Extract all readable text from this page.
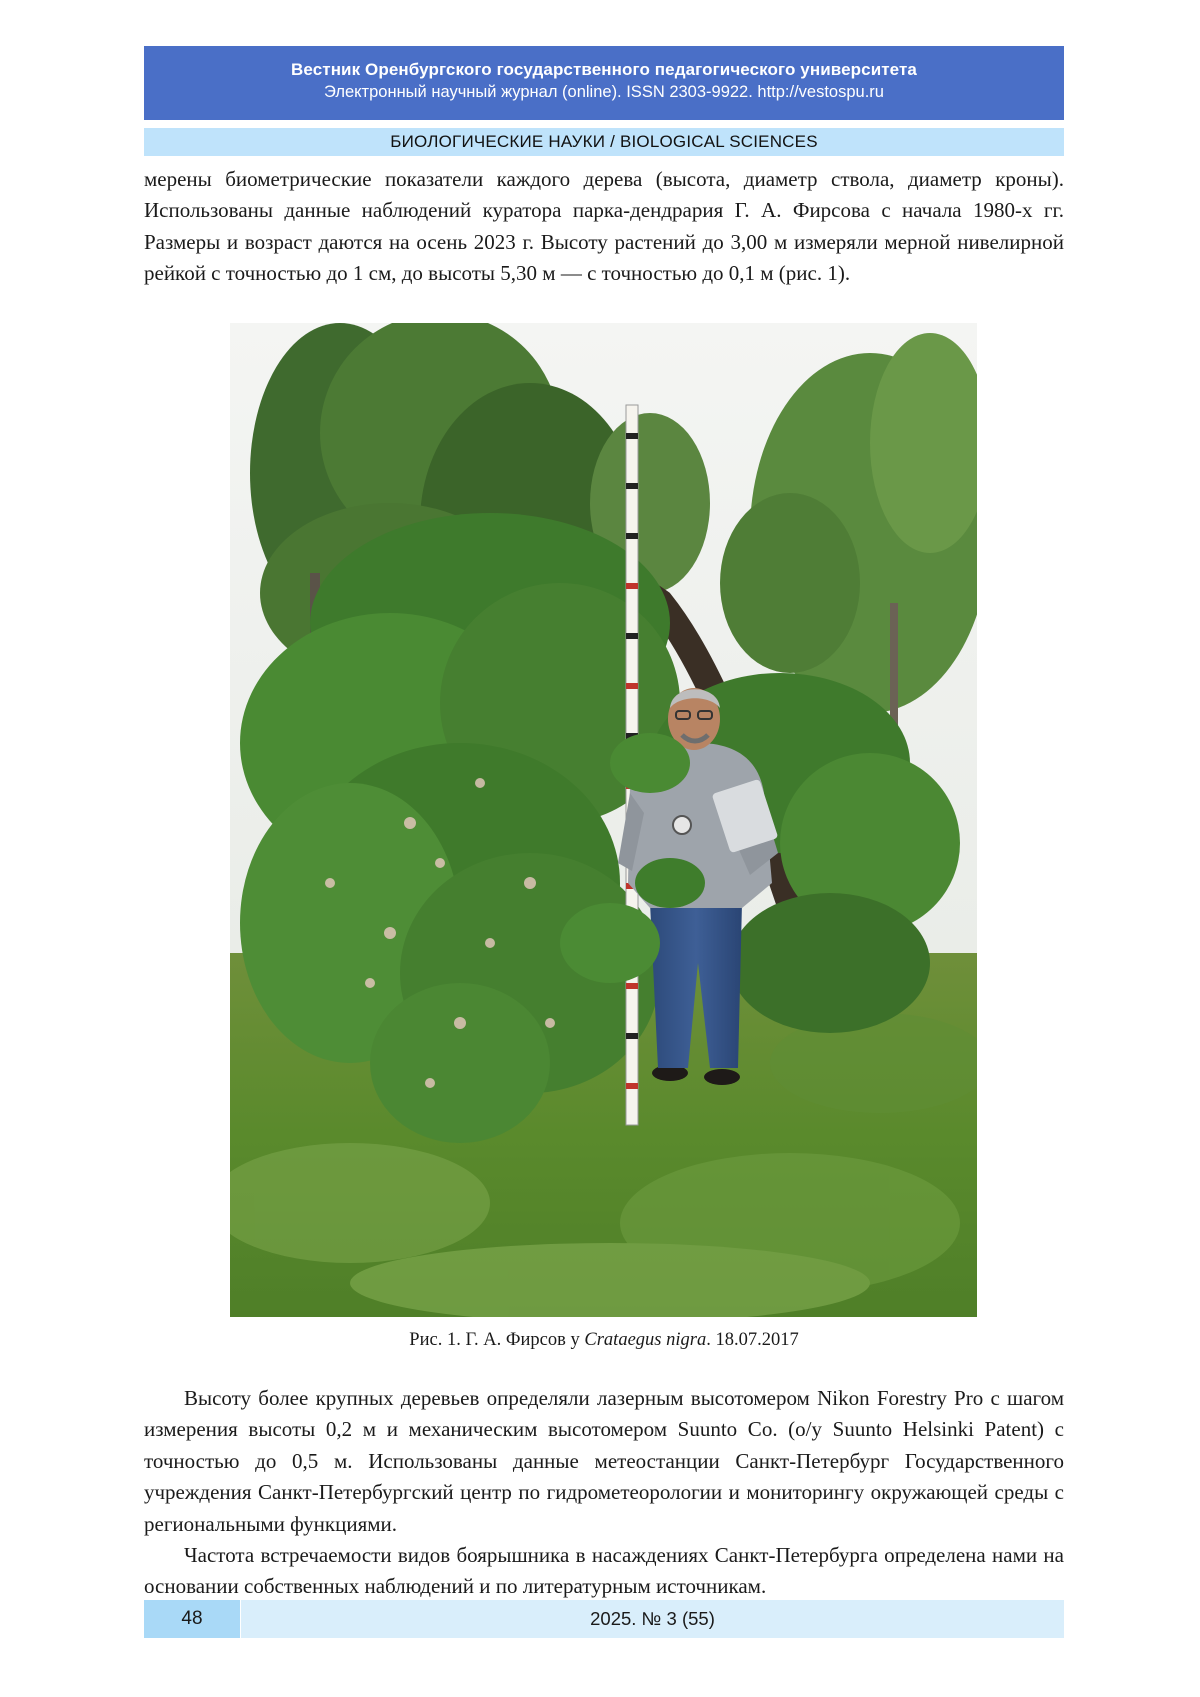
Вестник Оренбургского государственного педагогического университета
Электронный научный журнал (online). ISSN 2303-9922. http://vestospu.ru
БИОЛОГИЧЕСКИЕ НАУКИ / BIOLOGICAL SCIENCES

мерены биометрические показатели каждого дерева (высота, диаметр ствола, диаметр кроны). Использованы данные наблюдений куратора парка-дендрария Г. А. Фирсова с начала 1980-х гг. Размеры и возраст даются на осень 2023 г. Высоту растений до 3,00 м измеряли мерной нивелирной рейкой с точностью до 1 см, до высоты 5,30 м — с точностью до 0,1 м (рис. 1).

Рис. 1. Г. А. Фирсов у Crataegus nigra. 18.07.2017

Высоту более крупных деревьев определяли лазерным высотомером Nikon Forestry Pro с шагом измерения высоты 0,2 м и механическим высотомером Suunto Co. (o/y Suunto Helsinki Patent) с точностью до 0,5 м. Использованы данные метеостанции Санкт-Петербург Государственного учреждения Санкт-Петербургский центр по гидрометеорологии и мониторингу окружающей среды с региональными функциями.

Частота встречаемости видов боярышника в насаждениях Санкт-Петербурга определена нами на основании собственных наблюдений и по литературным источникам.

48	2025. № 3 (55)
